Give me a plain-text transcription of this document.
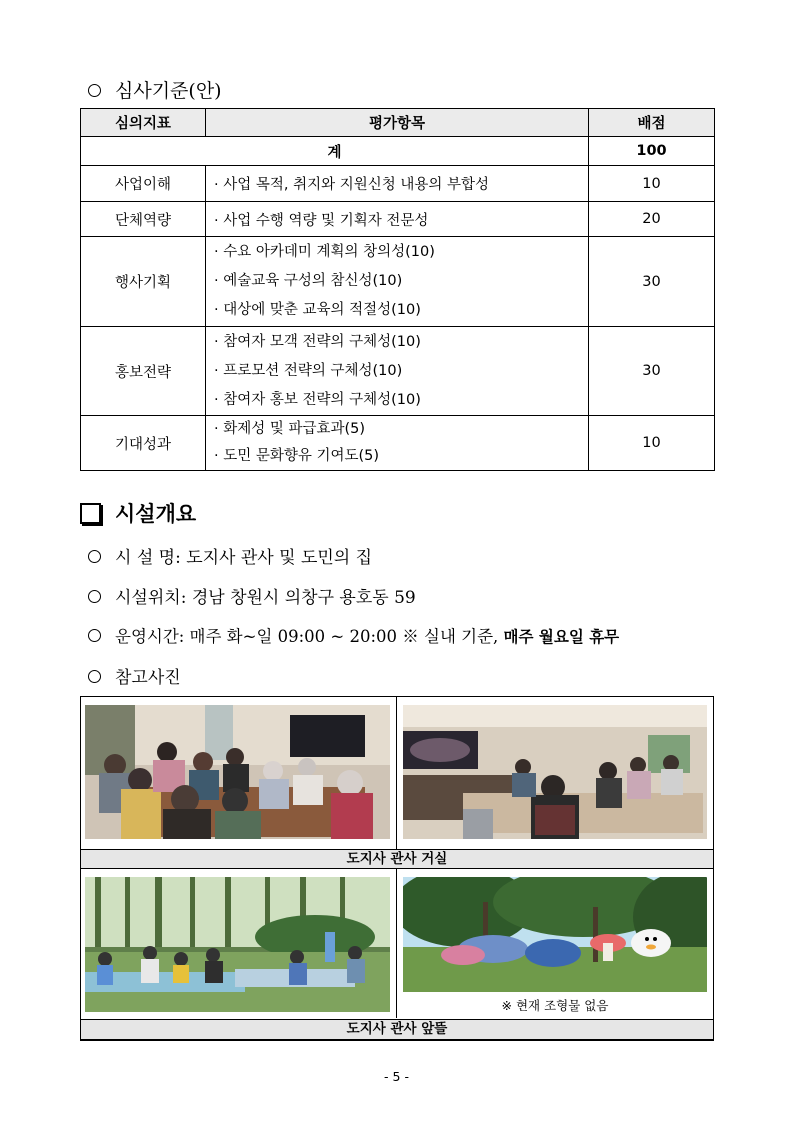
심사기준(안)
심의지표	평가항목	배점
계		100
사업이해	· 사업 목적, 취지와 지원신청 내용의 부합성	10
단체역량	· 사업 수행 역량 및 기획자 전문성	20
행사기획	· 수요 아카데미 계획의 창의성(10)
· 예술교육 구성의 참신성(10)
· 대상에 맞춘 교육의 적절성(10)	30
홍보전략	· 참여자 모객 전략의 구체성(10)
· 프로모션 전략의 구체성(10)
· 참여자 홍보 전략의 구체성(10)	30
기대성과	· 화제성 및 파급효과(5)
· 도민 문화향유 기여도(5)	10
시설개요
시 설 명: 도지사 관사 및 도민의 집
시설위치: 경남 창원시 의창구 용호동 59
운영시간: 매주 화~일 09:00 ~ 20:00 ※ 실내 기준, 매주 월요일 휴무
참고사진
도지사 관사 거실
※ 현재 조형물 없음
도지사 관사 앞뜰
- 5 -
